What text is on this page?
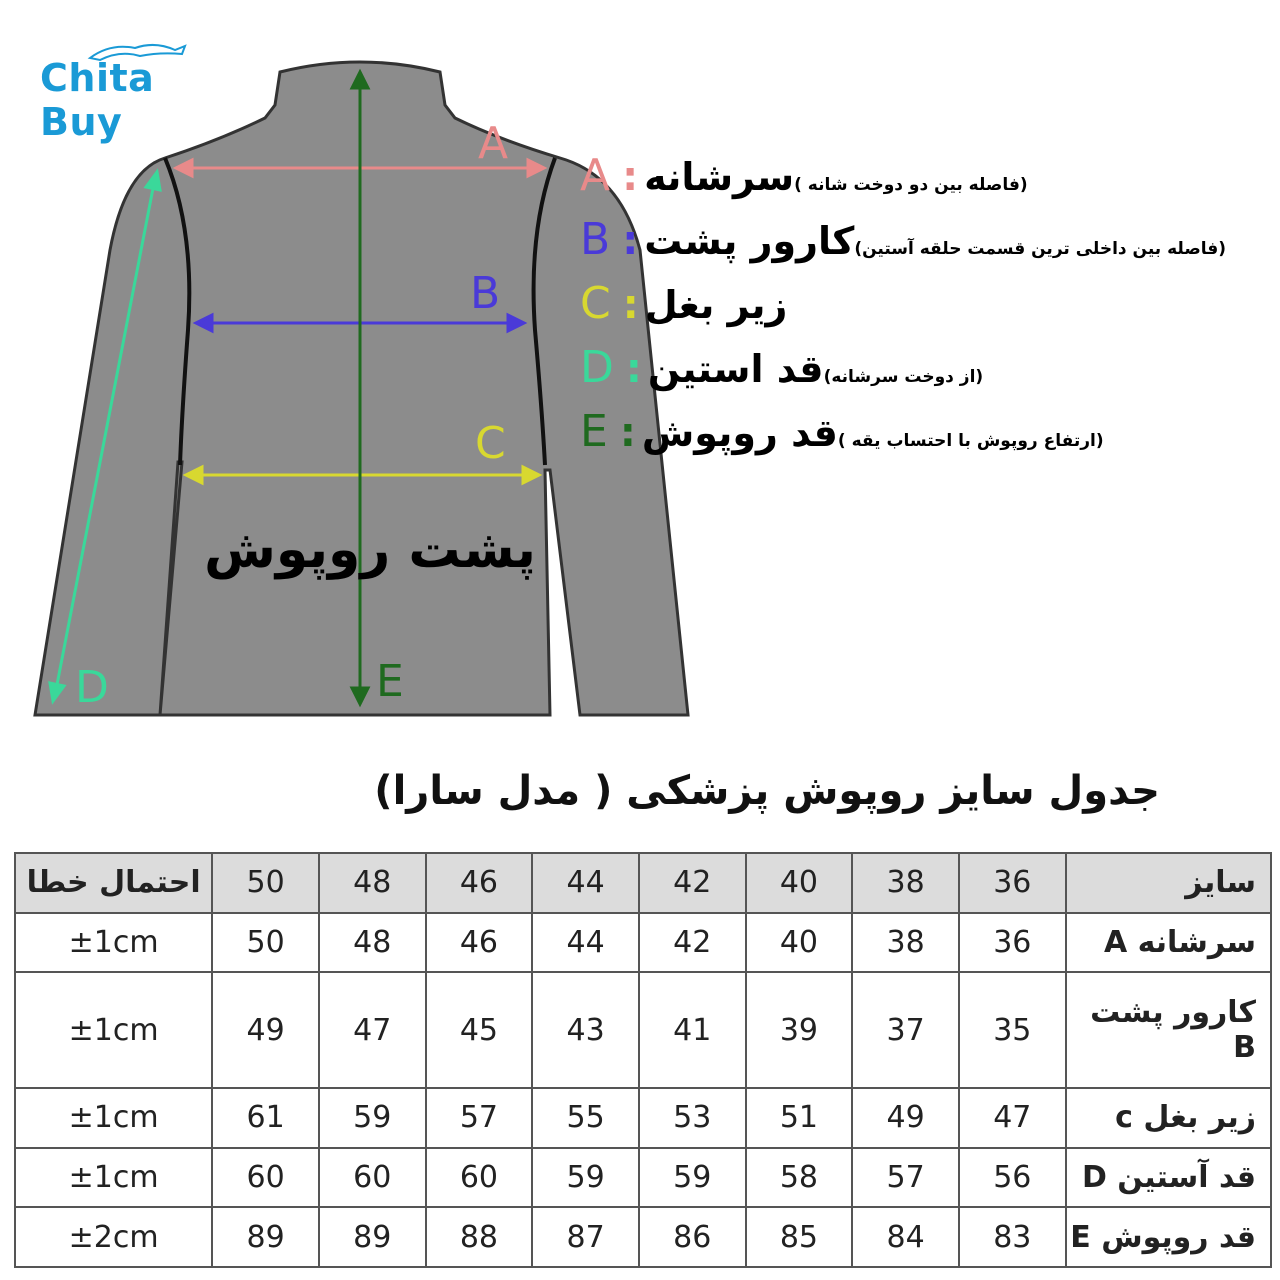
Chita Buy	A
B
C
D	E
پشت روپوش
A : سرشانه (فاصله بین دو دوخت شانه )
B : کارور پشت (فاصله بین داخلی ترین قسمت حلقه آستین)
C : زیر بغل
D : قد استین (از دوخت سرشانه)
E : قد روپوش (ارتفاع روپوش با احتساب یقه )
جدول سایز روپوش پزشکی ( مدل سارا)
احتمال خطا	50	48	46	44	42	40	38	36	سایز
±1cm	50	48	46	44	42	40	38	36	سرشانه A
±1cm	49	47	45	43	41	39	37	35	کارور پشت B
±1cm	61	59	57	55	53	51	49	47	زیر بغل c
±1cm	60	60	60	59	59	58	57	56	قد آستین D
±2cm	89	89	88	87	86	85	84	83	قد روپوش E
